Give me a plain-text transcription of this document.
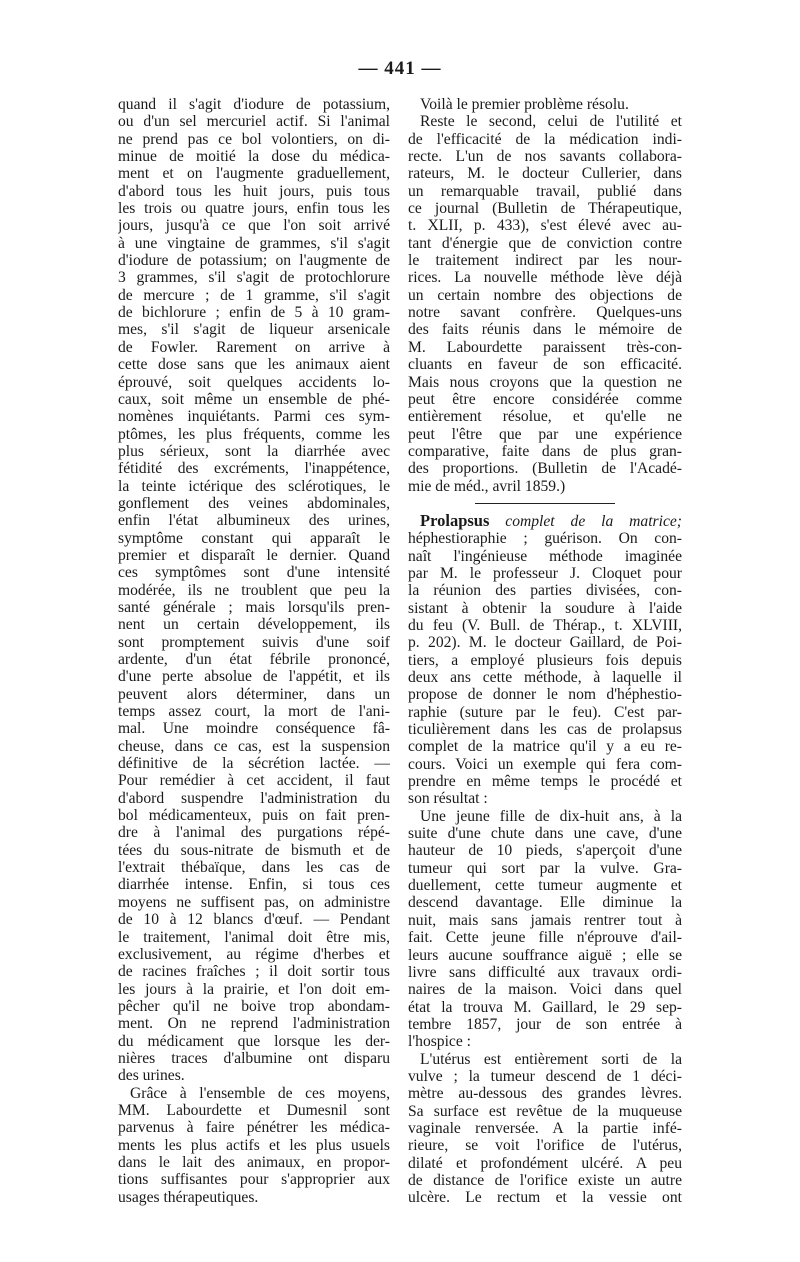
— 441 —
quand il s'agit d'iodure de potassium,
ou d'un sel mercuriel actif. Si l'animal
ne prend pas ce bol volontiers, on di-
minue de moitié la dose du médica-
ment et on l'augmente graduellement,
d'abord tous les huit jours, puis tous
les trois ou quatre jours, enfin tous les
jours, jusqu'à ce que l'on soit arrivé
à une vingtaine de grammes, s'il s'agit
d'iodure de potassium; on l'augmente de
3 grammes, s'il s'agit de protochlorure
de mercure ; de 1 gramme, s'il s'agit
de bichlorure ; enfin de 5 à 10 gram-
mes, s'il s'agit de liqueur arsenicale
de Fowler. Rarement on arrive à
cette dose sans que les animaux aient
éprouvé, soit quelques accidents lo-
caux, soit même un ensemble de phé-
nomènes inquiétants. Parmi ces sym-
ptômes, les plus fréquents, comme les
plus sérieux, sont la diarrhée avec
fétidité des excréments, l'inappétence,
la teinte ictérique des sclérotiques, le
gonflement des veines abdominales,
enfin l'état albumineux des urines,
symptôme constant qui apparaît le
premier et disparaît le dernier. Quand
ces symptômes sont d'une intensité
modérée, ils ne troublent que peu la
santé générale ; mais lorsqu'ils pren-
nent un certain développement, ils
sont promptement suivis d'une soif
ardente, d'un état fébrile prononcé,
d'une perte absolue de l'appétit, et ils
peuvent alors déterminer, dans un
temps assez court, la mort de l'ani-
mal. Une moindre conséquence fâ-
cheuse, dans ce cas, est la suspension
définitive de la sécrétion lactée. —
Pour remédier à cet accident, il faut
d'abord suspendre l'administration du
bol médicamenteux, puis on fait pren-
dre à l'animal des purgations répé-
tées du sous-nitrate de bismuth et de
l'extrait thébaïque, dans les cas de
diarrhée intense. Enfin, si tous ces
moyens ne suffisent pas, on administre
de 10 à 12 blancs d'œuf. — Pendant
le traitement, l'animal doit être mis,
exclusivement, au régime d'herbes et
de racines fraîches ; il doit sortir tous
les jours à la prairie, et l'on doit em-
pêcher qu'il ne boive trop abondam-
ment. On ne reprend l'administration
du médicament que lorsque les der-
nières traces d'albumine ont disparu
des urines.
Grâce à l'ensemble de ces moyens,
MM. Labourdette et Dumesnil sont
parvenus à faire pénétrer les médica-
ments les plus actifs et les plus usuels
dans le lait des animaux, en propor-
tions suffisantes pour s'approprier aux
usages thérapeutiques.
Voilà le premier problème résolu.
Reste le second, celui de l'utilité et
de l'efficacité de la médication indi-
recte. L'un de nos savants collabora-
rateurs, M. le docteur Cullerier, dans
un remarquable travail, publié dans
ce journal (Bulletin de Thérapeutique,
t. XLII, p. 433), s'est élevé avec au-
tant d'énergie que de conviction contre
le traitement indirect par les nour-
rices. La nouvelle méthode lève déjà
un certain nombre des objections de
notre savant confrère. Quelques-uns
des faits réunis dans le mémoire de
M. Labourdette paraissent très-con-
cluants en faveur de son efficacité.
Mais nous croyons que la question ne
peut être encore considérée comme
entièrement résolue, et qu'elle ne
peut l'être que par une expérience
comparative, faite dans de plus gran-
des proportions. (Bulletin de l'Acadé-
mie de méd., avril 1859.)
Prolapsus complet de la matrice;
héphestioraphie ; guérison. On con-
naît l'ingénieuse méthode imaginée
par M. le professeur J. Cloquet pour
la réunion des parties divisées, con-
sistant à obtenir la soudure à l'aide
du feu (V. Bull. de Thérap., t. XLVIII,
p. 202). M. le docteur Gaillard, de Poi-
tiers, a employé plusieurs fois depuis
deux ans cette méthode, à laquelle il
propose de donner le nom d'héphestio-
raphie (suture par le feu). C'est par-
ticulièrement dans les cas de prolapsus
complet de la matrice qu'il y a eu re-
cours. Voici un exemple qui fera com-
prendre en même temps le procédé et
son résultat :
Une jeune fille de dix-huit ans, à la
suite d'une chute dans une cave, d'une
hauteur de 10 pieds, s'aperçoit d'une
tumeur qui sort par la vulve. Gra-
duellement, cette tumeur augmente et
descend davantage. Elle diminue la
nuit, mais sans jamais rentrer tout à
fait. Cette jeune fille n'éprouve d'ail-
leurs aucune souffrance aiguë ; elle se
livre sans difficulté aux travaux ordi-
naires de la maison. Voici dans quel
état la trouva M. Gaillard, le 29 sep-
tembre 1857, jour de son entrée à
l'hospice :
L'utérus est entièrement sorti de la
vulve ; la tumeur descend de 1 déci-
mètre au-dessous des grandes lèvres.
Sa surface est revêtue de la muqueuse
vaginale renversée. A la partie infé-
rieure, se voit l'orifice de l'utérus,
dilaté et profondément ulcéré. A peu
de distance de l'orifice existe un autre
ulcère. Le rectum et la vessie ont
